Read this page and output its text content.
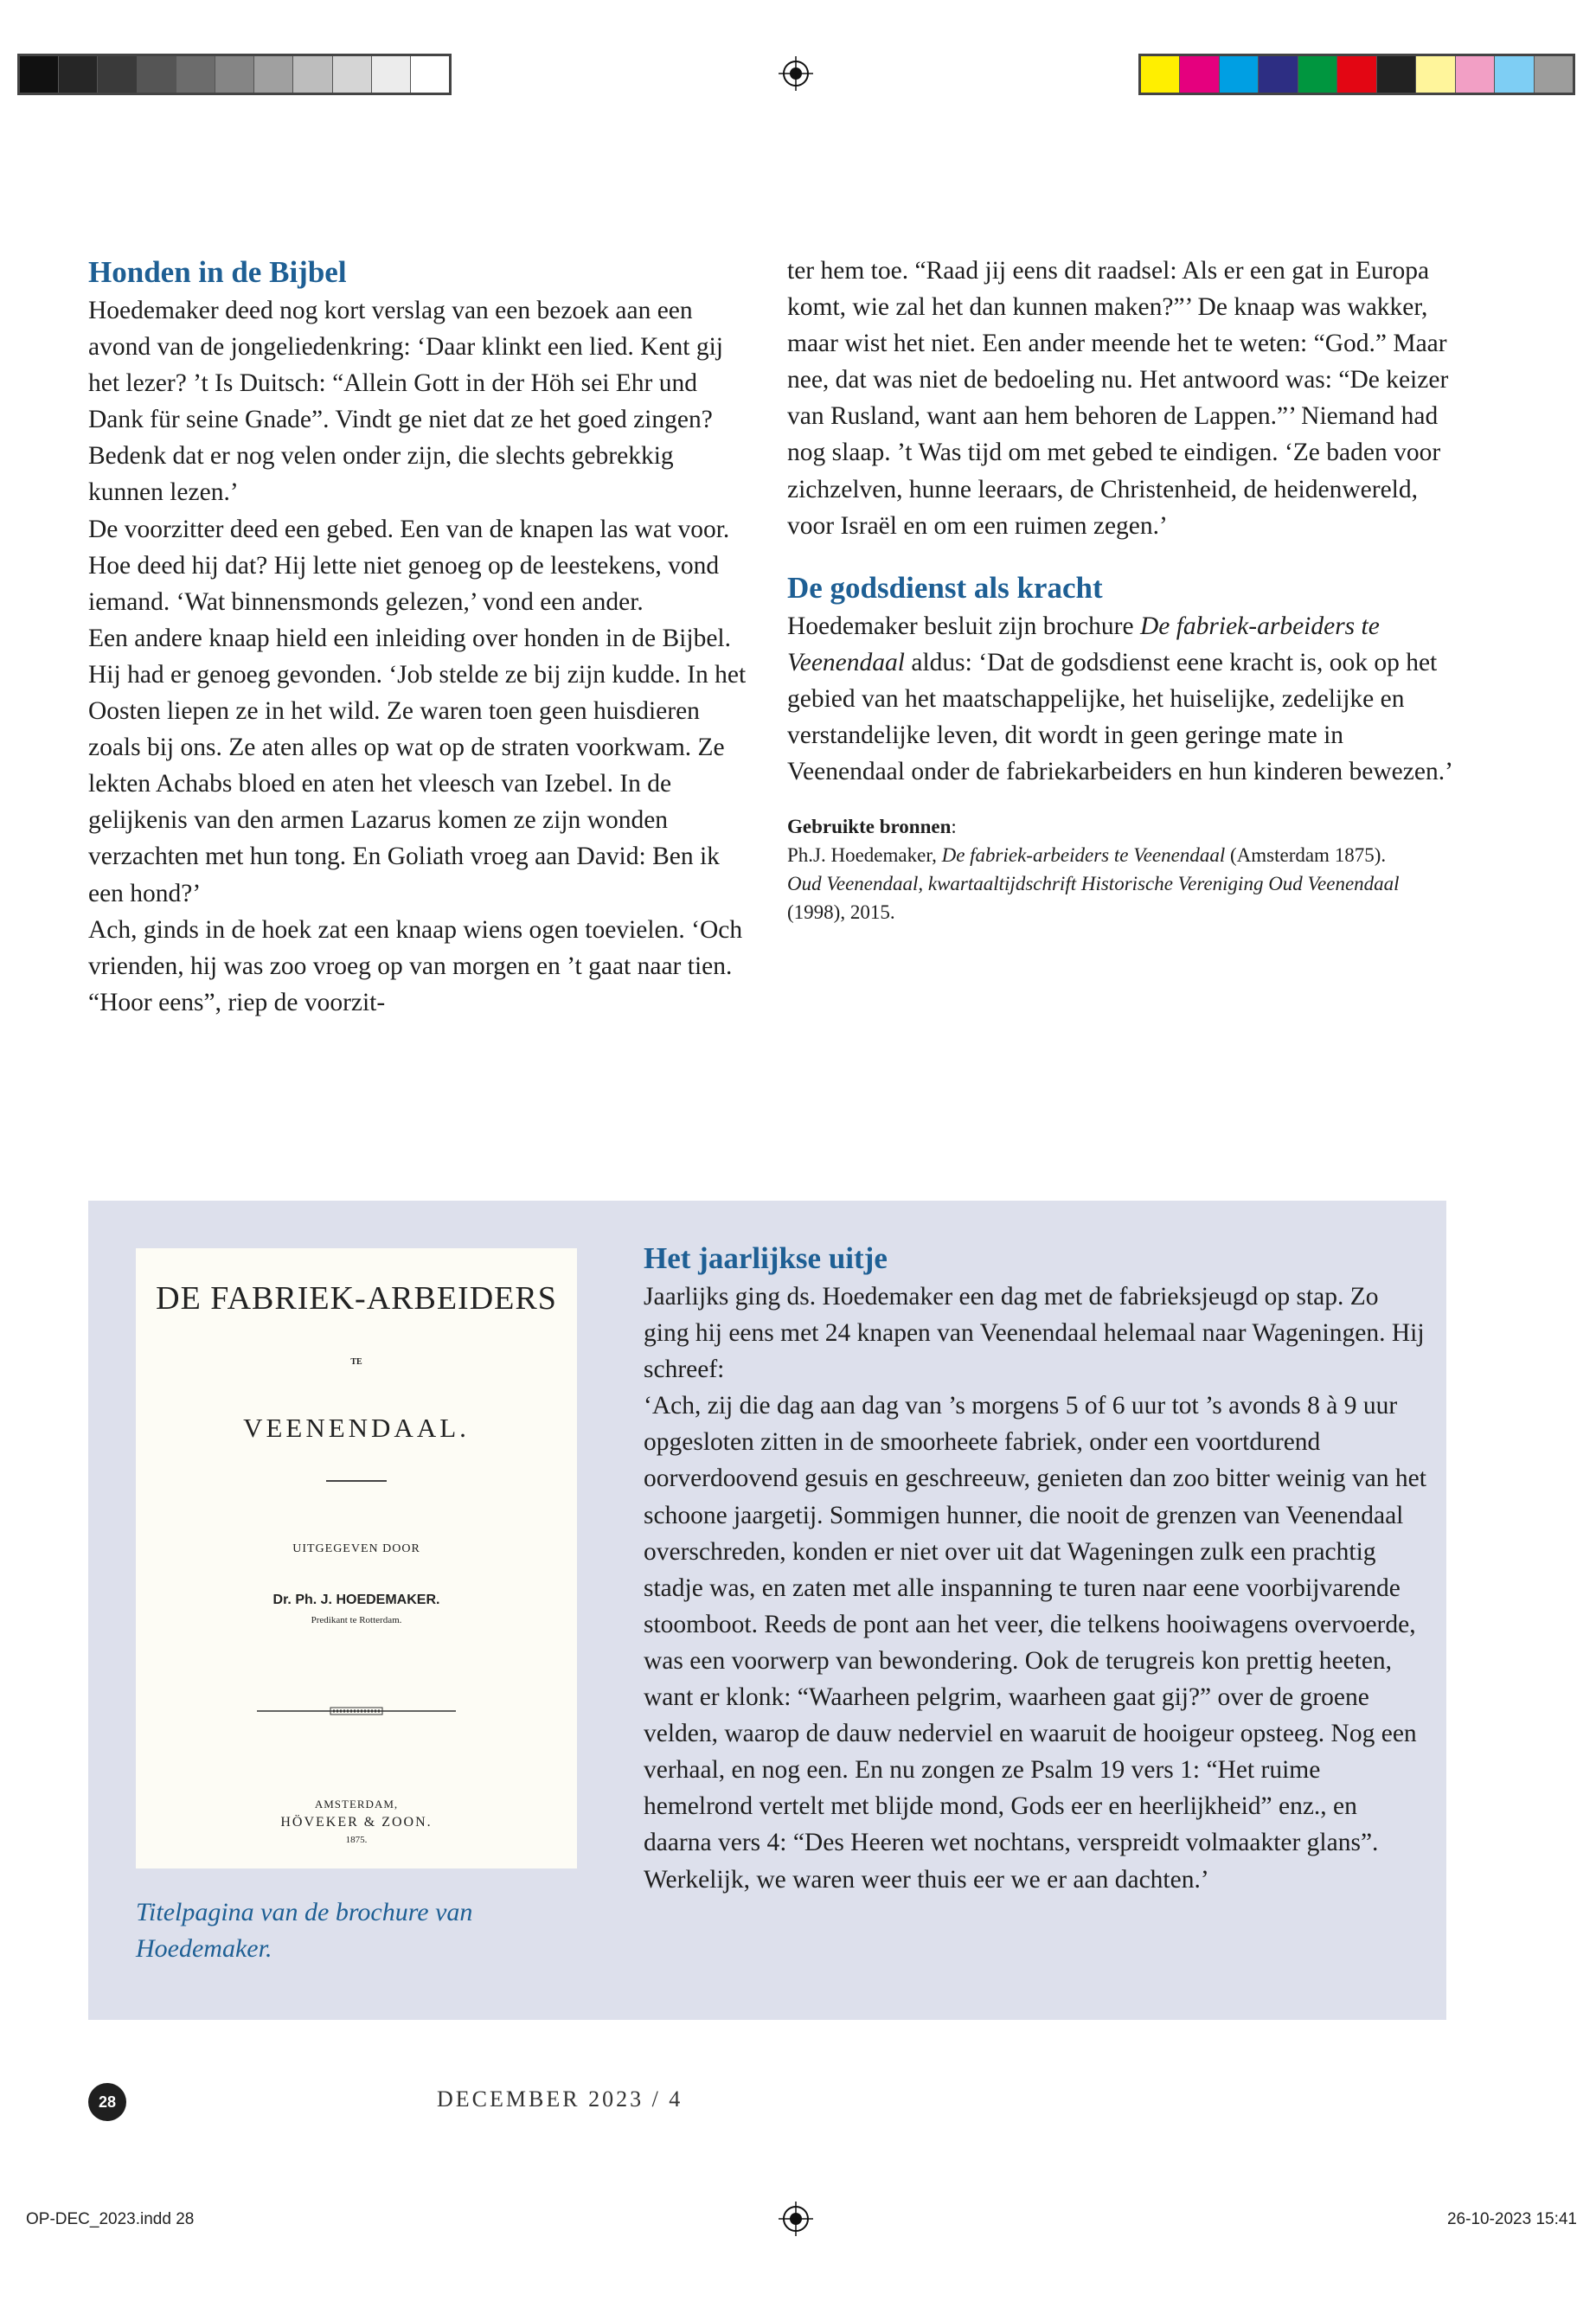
Honden in de Bijbel

Hoedemaker deed nog kort verslag van een bezoek aan een avond van de jongeliedenkring: ‘Daar klinkt een lied. Kent gij het lezer? ’t Is Duitsch: “Allein Gott in der Höh sei Ehr und Dank für seine Gnade”. Vindt ge niet dat ze het goed zingen? Bedenk dat er nog velen onder zijn, die slechts gebrekkig kunnen lezen.’

De voorzitter deed een gebed. Een van de knapen las wat voor. Hoe deed hij dat? Hij lette niet genoeg op de leestekens, vond iemand. ‘Wat binnensmonds gelezen,’ vond een ander.

Een andere knaap hield een inleiding over honden in de Bijbel. Hij had er genoeg gevonden. ‘Job stelde ze bij zijn kudde. In het Oosten liepen ze in het wild. Ze waren toen geen huisdieren zoals bij ons. Ze aten alles op wat op de straten voorkwam. Ze lekten Achabs bloed en aten het vleesch van Izebel. In de gelijkenis van den armen Lazarus komen ze zijn wonden verzachten met hun tong. En Goliath vroeg aan David: Ben ik een hond?’

Ach, ginds in de hoek zat een knaap wiens ogen toevielen. ‘Och vrienden, hij was zoo vroeg op van morgen en ’t gaat naar tien. “Hoor eens”, riep de voorzit-

ter hem toe. “Raad jij eens dit raadsel: Als er een gat in Europa komt, wie zal het dan kunnen maken?”’ De knaap was wakker, maar wist het niet. Een ander meende het te weten: “God.” Maar nee, dat was niet de bedoeling nu. Het antwoord was: “De keizer van Rusland, want aan hem behoren de Lappen.”’ Niemand had nog slaap. ’t Was tijd om met gebed te eindigen. ‘Ze baden voor zichzelven, hunne leeraars, de Christenheid, de heidenwereld, voor Israël en om een ruimen zegen.’

De godsdienst als kracht

Hoedemaker besluit zijn brochure De fabriek-arbeiders te Veenendaal aldus: ‘Dat de godsdienst eene kracht is, ook op het gebied van het maatschappelijke, het huiselijke, zedelijke en verstandelijke leven, dit wordt in geen geringe mate in Veenendaal onder de fabriekarbeiders en hun kinderen bewezen.’

Gebruikte bronnen:

Ph.J. Hoedemaker, De fabriek-arbeiders te Veenendaal (Amsterdam 1875).

Oud Veenendaal, kwartaaltijdschrift Historische Vereniging Oud Veenendaal (1998), 2015.

DE FABRIEK-ARBEIDERS
TE
VEENENDAAL.
UITGEGEVEN DOOR
Dr. Ph. J. HOEDEMAKER.
Predikant te Rotterdam.
AMSTERDAM,
HÖVEKER & ZOON.
1875.
Titelpagina van de brochure van Hoedemaker.
Het jaarlijkse uitje

Jaarlijks ging ds. Hoedemaker een dag met de fabrieksjeugd op stap. Zo ging hij eens met 24 knapen van Veenendaal helemaal naar Wageningen. Hij schreef:

‘Ach, zij die dag aan dag van ’s morgens 5 of 6 uur tot ’s avonds 8 à 9 uur opgesloten zitten in de smoorheete fabriek, onder een voortdurend oorverdoovend gesuis en geschreeuw, genieten dan zoo bitter weinig van het schoone jaargetij. Sommigen hunner, die nooit de grenzen van Veenendaal overschreden, konden er niet over uit dat Wageningen zulk een prachtig stadje was, en zaten met alle inspanning te turen naar eene voorbijvarende stoomboot. Reeds de pont aan het veer, die telkens hooiwagens overvoerde, was een voorwerp van bewondering. Ook de terugreis kon prettig heeten, want er klonk: “Waarheen pelgrim, waarheen gaat gij?” over de groene velden, waarop de dauw nederviel en waaruit de hooigeur opsteeg. Nog een verhaal, en nog een. En nu zongen ze Psalm 19 vers 1: “Het ruime hemelrond vertelt met blijde mond, Gods eer en heerlijkheid” enz., en daarna vers 4: “Des Heeren wet nochtans, verspreidt volmaakter glans”. Werkelijk, we waren weer thuis eer we er aan dachten.’

28	DECEMBER 2023 / 4
OP-DEC_2023.indd 28	26-10-2023 15:41
